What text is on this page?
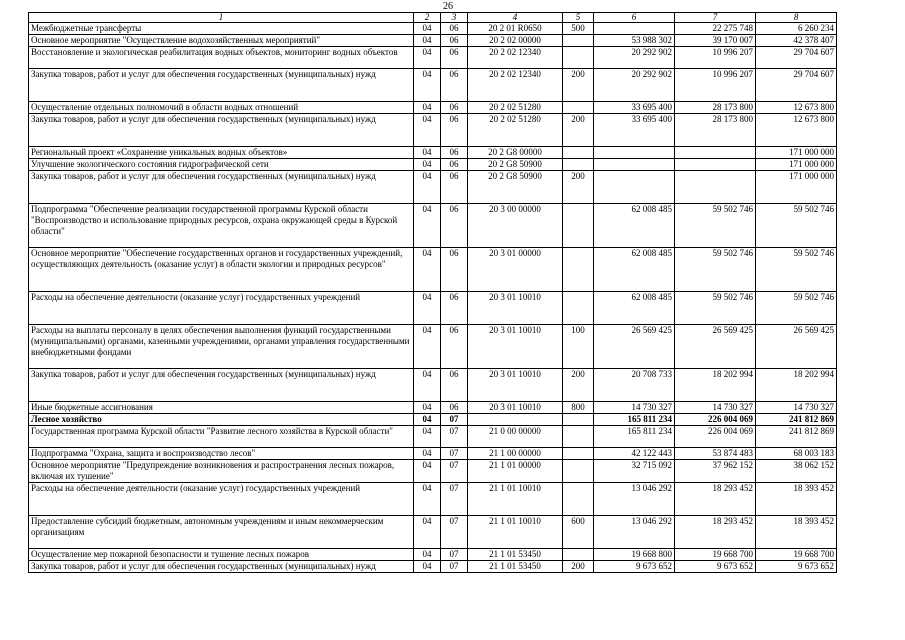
26
1	2	3	4	5	6	7	8
Межбюджетные трансферты	04	06	20 2 01 R0650	500		22 275 748	6 260 234
Основное мероприятие "Осуществление водохозяйственных мероприятий"	04	06	20 2 02 00000		53 988 302	39 170 007	42 378 407
Восстановление и экологическая реабилитация водных объектов, мониторинг водных объектов	04	06	20 2 02 12340		20 292 902	10 996 207	29 704 607
Закупка товаров, работ и услуг для обеспечения государственных (муниципальных) нужд	04	06	20 2 02 12340	200	20 292 902	10 996 207	29 704 607
Осуществление отдельных полномочий в области водных отношений	04	06	20 2 02 51280		33 695 400	28 173 800	12 673 800
Закупка товаров, работ и услуг для обеспечения государственных (муниципальных) нужд	04	06	20 2 02 51280	200	33 695 400	28 173 800	12 673 800
Региональный проект «Сохранение уникальных водных объектов»	04	06	20 2 G8 00000				171 000 000
Улучшение экологического состояния гидрографической сети	04	06	20 2 G8 50900				171 000 000
Закупка товаров, работ и услуг для обеспечения государственных (муниципальных) нужд	04	06	20 2 G8 50900	200			171 000 000
Подпрограмма "Обеспечение реализации государственной программы Курской области "Воспроизводство и использование природных ресурсов, охрана окружающей среды в Курской области"	04	06	20 3 00 00000		62 008 485	59 502 746	59 502 746
Основное мероприятие "Обеспечение государственных органов и государственных учреждений, осуществляющих деятельность (оказание услуг) в области экологии и природных ресурсов"	04	06	20 3 01 00000		62 008 485	59 502 746	59 502 746
Расходы на обеспечение деятельности (оказание услуг) государственных учреждений	04	06	20 3 01 10010		62 008 485	59 502 746	59 502 746
Расходы на выплаты персоналу в целях обеспечения выполнения функций государственными (муниципальными) органами, казенными учреждениями, органами управления государственными внебюджетными фондами	04	06	20 3 01 10010	100	26 569 425	26 569 425	26 569 425
Закупка товаров, работ и услуг для обеспечения государственных (муниципальных) нужд	04	06	20 3 01 10010	200	20 708 733	18 202 994	18 202 994
Иные бюджетные ассигнования	04	06	20 3 01 10010	800	14 730 327	14 730 327	14 730 327
Лесное хозяйство	04	07			165 811 234	226 004 069	241 812 869
Государственная программа Курской области "Развитие лесного хозяйства в Курской области"	04	07	21 0 00 00000		165 811 234	226 004 069	241 812 869
Подпрограмма "Охрана, защита и воспроизводство лесов"	04	07	21 1 00 00000		42 122 443	53 874 483	68 003 183
Основное мероприятие "Предупреждение возникновения и распространения лесных пожаров, включая их тушение"	04	07	21 1 01 00000		32 715 092	37 962 152	38 062 152
Расходы на обеспечение деятельности (оказание услуг) государственных учреждений	04	07	21 1 01 10010		13 046 292	18 293 452	18 393 452
Предоставление субсидий бюджетным, автономным учреждениям и иным некоммерческим организациям	04	07	21 1 01 10010	600	13 046 292	18 293 452	18 393 452
Осуществление мер пожарной безопасности и тушение лесных пожаров	04	07	21 1 01 53450		19 668 800	19 668 700	19 668 700
Закупка товаров, работ и услуг для обеспечения государственных (муниципальных) нужд	04	07	21 1 01 53450	200	9 673 652	9 673 652	9 673 652
